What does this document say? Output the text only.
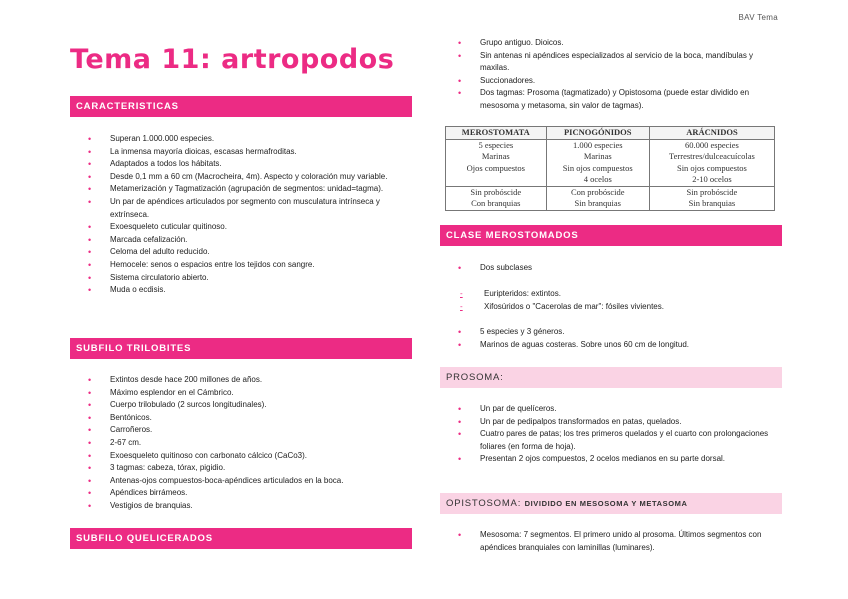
BAV Tema
Tema 11: artropodos
CARACTERISTICAS
• Superan 1.000.000 especies.
• La inmensa mayoría dioicas, escasas hermafroditas.
• Adaptados a todos los hábitats.
• Desde 0,1 mm a 60 cm (Macrocheira, 4m). Aspecto y coloración muy variable.
• Metamerización y Tagmatización (agrupación de segmentos: unidad=tagma).
• Un par de apéndices articulados por segmento con musculatura intrínseca y extrínseca.
• Exoesqueleto cuticular quitinoso.
• Marcada cefalización.
• Celoma del adulto reducido.
• Hemocele: senos o espacios entre los tejidos con sangre.
• Sistema circulatorio abierto.
• Muda o ecdisis.
SUBFILO TRILOBITES
• Extintos desde hace 200 millones de años.
• Máximo esplendor en el Cámbrico.
• Cuerpo trilobulado (2 surcos longitudinales).
• Bentónicos.
• Carroñeros.
• 2-67 cm.
• Exoesqueleto quitinoso con carbonato cálcico (CaCo3).
• 3 tagmas: cabeza, tórax, pigidio.
• Antenas-ojos compuestos-boca-apéndices articulados en la boca.
• Apéndices birrámeos.
• Vestigios de branquias.
SUBFILO QUELICERADOS
• Grupo antiguo. Dioicos.
• Sin antenas ni apéndices especializados al servicio de la boca, mandíbulas y maxilas.
• Succionadores.
• Dos tagmas: Prosoma (tagmatizado) y Opistosoma (puede estar dividido en mesosoma y metasoma, sin valor de tagmas).
MEROSTOMATA	PICNOGÓNIDOS	ARÁCNIDOS
5 especies	1.000 especies	60.000 especies
Marinas	Marinas	Terrestres/dulceacuícolas
Ojos compuestos	Sin ojos compuestos	Sin ojos compuestos
	4 ocelos	2-10 ocelos
Sin probóscide	Con probóscide	Sin probóscide
Con branquias	Sin branquias	Sin branquias
CLASE MEROSTOMADOS
• Dos subclases
- Euripteridos: extintos.
- Xifosúridos o "Cacerolas de mar": fósiles vivientes.
• 5 especies y 3 géneros.
• Marinos de aguas costeras. Sobre unos 60 cm de longitud.
PROSOMA:
• Un par de quelíceros.
• Un par de pedipalpos transformados en patas, quelados.
• Cuatro pares de patas; los tres primeros quelados y el cuarto con prolongaciones foliares (en forma de hoja).
• Presentan 2 ojos compuestos, 2 ocelos medianos en su parte dorsal.
OPISTOSOMA: DIVIDIDO EN MESOSOMA Y METASOMA
• Mesosoma: 7 segmentos. El primero unido al prosoma. Últimos segmentos con apéndices branquiales con laminillas (luminares).
